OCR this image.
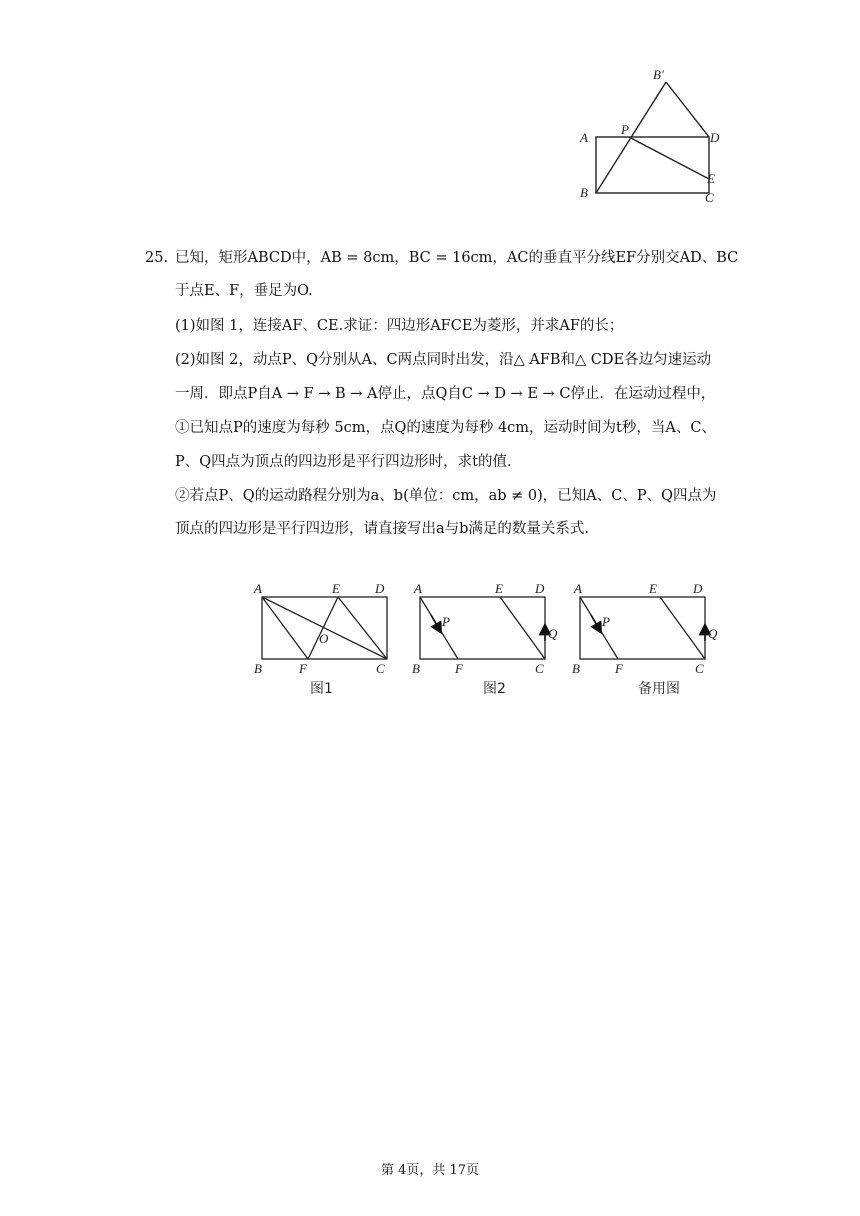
B′
A
P
D
B
E
C
25. 已知，矩形ABCD中，AB = 8cm，BC = 16cm，AC的垂直平分线EF分别交AD、BC
于点E、F，垂足为O.
(1)如图 1，连接AF、CE.求证：四边形AFCE为菱形，并求AF的长；
(2)如图 2，动点P、Q分别从A、C两点同时出发，沿△ AFB和△ CDE各边匀速运动
一周．即点P自A → F → B → A停止，点Q自C → D → E → C停止．在运动过程中，
①已知点P的速度为每秒 5cm，点Q的速度为每秒 4cm，运动时间为t秒，当A、C、
P、Q四点为顶点的四边形是平行四边形时，求t的值.
②若点P、Q的运动路程分别为a、b(单位：cm，ab ≠ 0)，已知A、C、P、Q四点为
顶点的四边形是平行四边形，请直接写出a与b满足的数量关系式.
A	E	D
O
B	F	C
图1
A	E D
P
Q
B	F	C
图2
A	E	D
P
Q
B	F	C
备用图
第 4页，共 17页
